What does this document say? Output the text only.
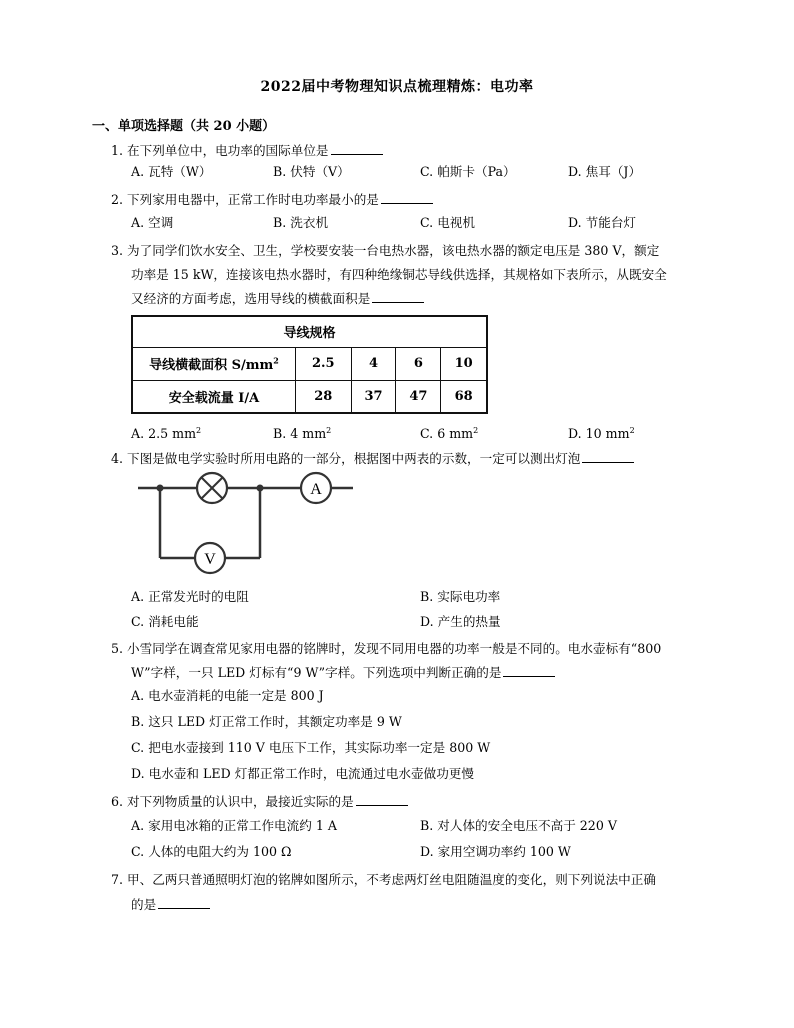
2022届中考物理知识点梳理精炼：电功率
一、单项选择题（共 20 小题）
1. 在下列单位中，电功率的国际单位是
A. 瓦特（W）	B. 伏特（V）	C. 帕斯卡（Pa）	D. 焦耳（J）
2. 下列家用电器中，正常工作时电功率最小的是
A. 空调	B. 洗衣机	C. 电视机	D. 节能台灯
3. 为了同学们饮水安全、卫生，学校要安装一台电热水器，该电热水器的额定电压是 380 V，额定
功率是 15 kW，连接该电热水器时，有四种绝缘铜芯导线供选择，其规格如下表所示，从既安全
又经济的方面考虑，选用导线的横截面积是
导线规格				
导线横截面积 $S/mm^2$	2.5	4	6	10
安全载流量 I/A	28	37	47	68
A. 2.5 $mm^2$	B. 4 $mm^2$	C. 6 $mm^2$	D. 10 $mm^2$
4. 下图是做电学实验时所用电路的一部分，根据图中两表的示数，一定可以测出灯泡
A
V
A. 正常发光时的电阻	B. 实际电功率
C. 消耗电能	D. 产生的热量
5. 小雪同学在调查常见家用电器的铭牌时，发现不同用电器的功率一般是不同的。电水壶标有“800
W”字样，一只 LED 灯标有“9 W”字样。下列选项中判断正确的是
A. 电水壶消耗的电能一定是 800 J
B. 这只 LED 灯正常工作时，其额定功率是 9 W
C. 把电水壶接到 110 V 电压下工作，其实际功率一定是 800 W
D. 电水壶和 LED 灯都正常工作时，电流通过电水壶做功更慢
6. 对下列物质量的认识中，最接近实际的是
A. 家用电冰箱的正常工作电流约 1 A	B. 对人体的安全电压不高于 220 V
C. 人体的电阻大约为 100 Ω	D. 家用空调功率约 100 W
7. 甲、乙两只普通照明灯泡的铭牌如图所示，不考虑两灯丝电阻随温度的变化，则下列说法中正确
的是
